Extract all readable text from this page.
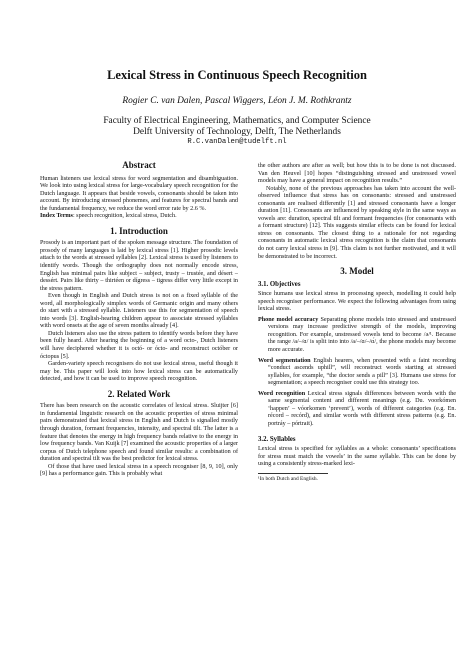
Lexical Stress in Continuous Speech Recognition
Rogier C. van Dalen, Pascal Wiggers, Léon J. M. Rothkrantz
Faculty of Electrical Engineering, Mathematics, and Computer Science
Delft University of Technology, Delft, The Netherlands
R.C.vanDalen@tudelft.nl
Abstract

Human listeners use lexical stress for word segmentation and disambiguation. We look into using lexical stress for large-vocabulary speech recognition for the Dutch language. It appears that beside vowels, consonants should be taken into account. By introducing stressed phonemes, and features for spectral bands and the fundamental frequency, we reduce the word error rate by 2.6 %.
Index Terms: speech recognition, lexical stress, Dutch.

1. Introduction

Prosody is an important part of the spoken message structure. The foundation of prosody of many languages is laid by lexical stress [1]. Higher prosodic levels attach to the words at stressed syllables [2]. Lexical stress is used by listeners to identify words. Though the orthography does not normally encode stress, English has minimal pairs like subject – subject, trusty – trustée, and désert – dessért. Pairs like thirty – thirtéen or dígress – tigress differ very little except in the stress pattern.

Even though in English and Dutch stress is not on a fixed syllable of the word, all morphologically simplex words of Germanic origin and many others do start with a stressed syllable. Listeners use this for segmentation of speech into words [3]. English-hearing children appear to associate stressed syllables with word onsets at the age of seven months already [4].

Dutch listeners also use the stress pattern to identify words before they have been fully heard. After hearing the beginning of a word octo-, Dutch listeners will have deciphered whether it is octó- or ócto- and reconstruct octóber or óctopus [5].

Garden-variety speech recognisers do not use lexical stress, useful though it may be. This paper will look into how lexical stress can be automatically detected, and how it can be used to improve speech recognition.

2. Related Work

There has been research on the acoustic correlates of lexical stress. Sluijter [6] in fundamental linguistic research on the acoustic properties of stress minimal pairs demonstrated that lexical stress in English and Dutch is signalled mostly through duration, formant frequencies, intensity, and spectral tilt. The latter is a feature that denotes the energy in high frequency bands relative to the energy in low frequency bands. Van Kuijk [7] examined the acoustic properties of a larger corpus of Dutch telephone speech and found similar results: a combination of duration and spectral tilt was the best predictor for lexical stress.

Of those that have used lexical stress in a speech recogniser [8, 9, 10], only [9] has a performance gain. This is probably what

the other authors are after as well; but how this is to be done is not discussed. Van den Heuvel [10] hopes “distinguishing stressed and unstressed vowel models may have a general impact on recognition results.”

Notably, none of the previous approaches has taken into account the well-observed influence that stress has on consonants: stressed and unstressed consonants are realised differently [1] and stressed consonants have a longer duration [11]. Consonants are influenced by speaking style in the same ways as vowels are: duration, spectral tilt and formant frequencies (for consonants with a formant structure) [12]. This suggests similar effects can be found for lexical stress on consonants. The closest thing to a rationale for not regarding consonants in automatic lexical stress recognition is the claim that consonants do not carry lexical stress in [9]. This claim is not further motivated, and it will be demonstrated to be incorrect.

3. Model
3.1. Objectives

Since humans use lexical stress in processing speech, modelling it could help speech recogniser performance. We expect the following advantages from using lexical stress.

Phone model accuracy Separating phone models into stressed and unstressed versions may increase predictive strength of the models, improving recognition. For example, unstressed vowels tend to become /ə/¹. Because the range /a/–/ɑ/ is split into into /a/–/ɑ/–/ɑ́/, the phone models may become more accurate.
Word segmentation English hearers, when presented with a faint recording “conduct ascends uphill”, will reconstruct words starting at stressed syllables, for example, “the doctor sends a pill” [3]. Humans use stress for segmentation; a speech recogniser could use this strategy too.
Word recognition Lexical stress signals differences between words with the same segmental content and different meanings (e.g. Du. voorkómen ‘happen’ – vóorkomen ‘prevent’), words of different categories (e.g. En. récord – recórd), and similar words with different stress patterns (e.g. En. portráy – pórtrait).
3.2. Syllables

Lexical stress is specified for syllables as a whole: consonants’ specifications for stress must match the vowels’ in the same syllable. This can be done by using a consistently stress-marked lexi-

¹In both Dutch and English.
